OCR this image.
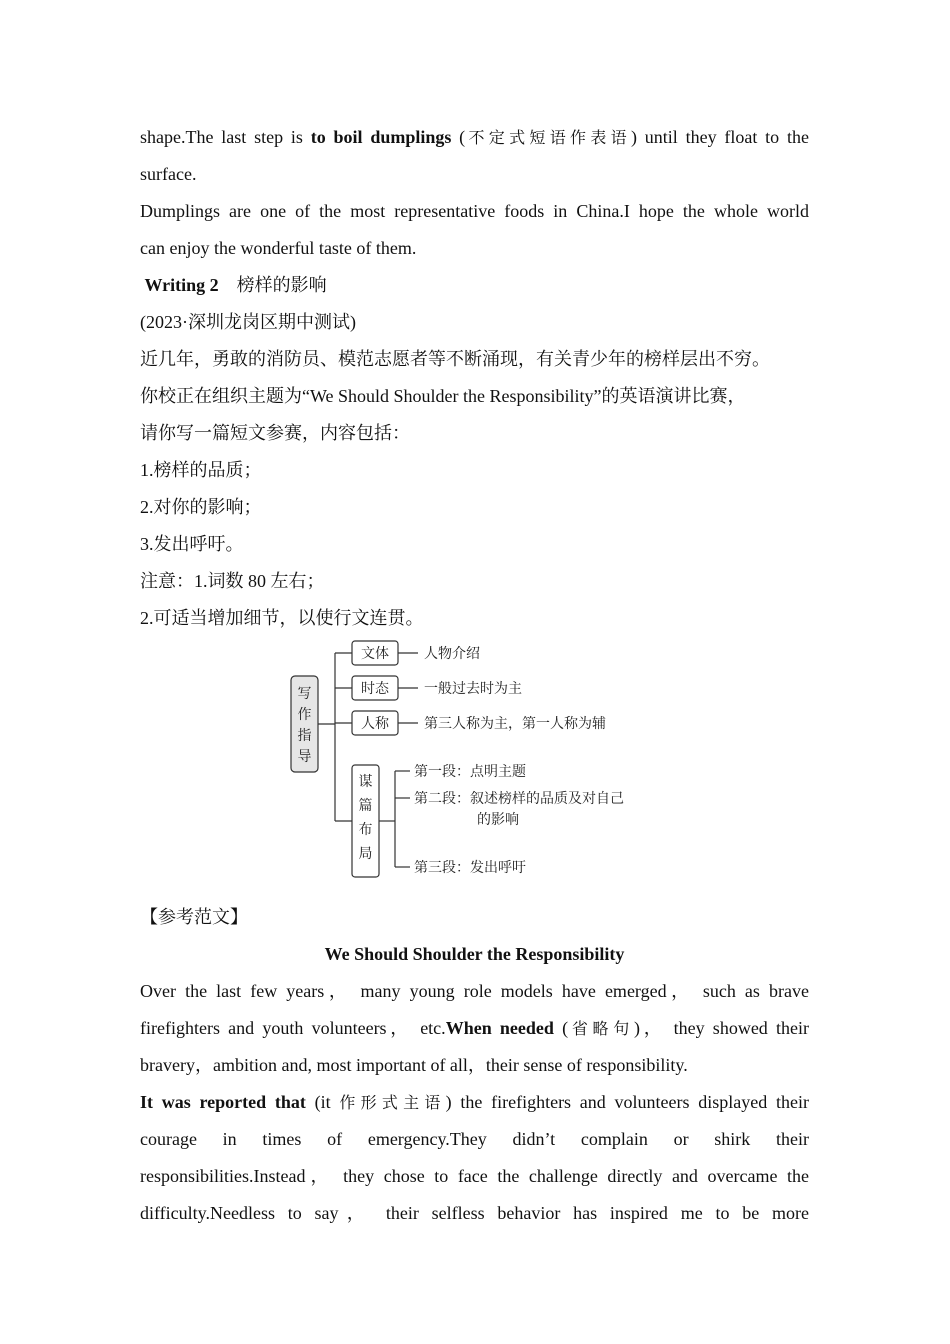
shape.The last step is to boil dumplings (不定式短语作表语) until they float to the
surface.
Dumplings are one of the most representative foods in China.I hope the whole world
can enjoy the wonderful taste of them.
Writing 2 榜样的影响
(2023·深圳龙岗区期中测试)
近几年，勇敢的消防员、模范志愿者等不断涌现，有关青少年的榜样层出不穷。
你校正在组织主题为“We Should Shoulder the Responsibility”的英语演讲比赛，
请你写一篇短文参赛，内容包括：
1.榜样的品质；
2.对你的影响；
3.发出呼吁。
注意：1.词数 80 左右；
2.可适当增加细节，以使行文连贯。
写
作
指
导
文体	人物介绍
时态	一般过去时为主
人称	第三人称为主，第一人称为辅
谋
篇
布
局
第一段：点明主题
第二段：叙述榜样的品质及对自己
的影响
第三段：发出呼吁
【参考范文】
We Should Shoulder the Responsibility
Over the last few years， many young role models have emerged， such as brave
firefighters and youth volunteers， etc.When needed (省略句)， they showed their
bravery，ambition and, most important of all，their sense of responsibility.
It was reported that (it 作形式主语) the firefighters and volunteers displayed their
courage in times of emergency.They didn’t complain or shirk their
responsibilities.Instead， they chose to face the challenge directly and overcame the
difficulty.Needless to say， their selfless behavior has inspired me to be more
